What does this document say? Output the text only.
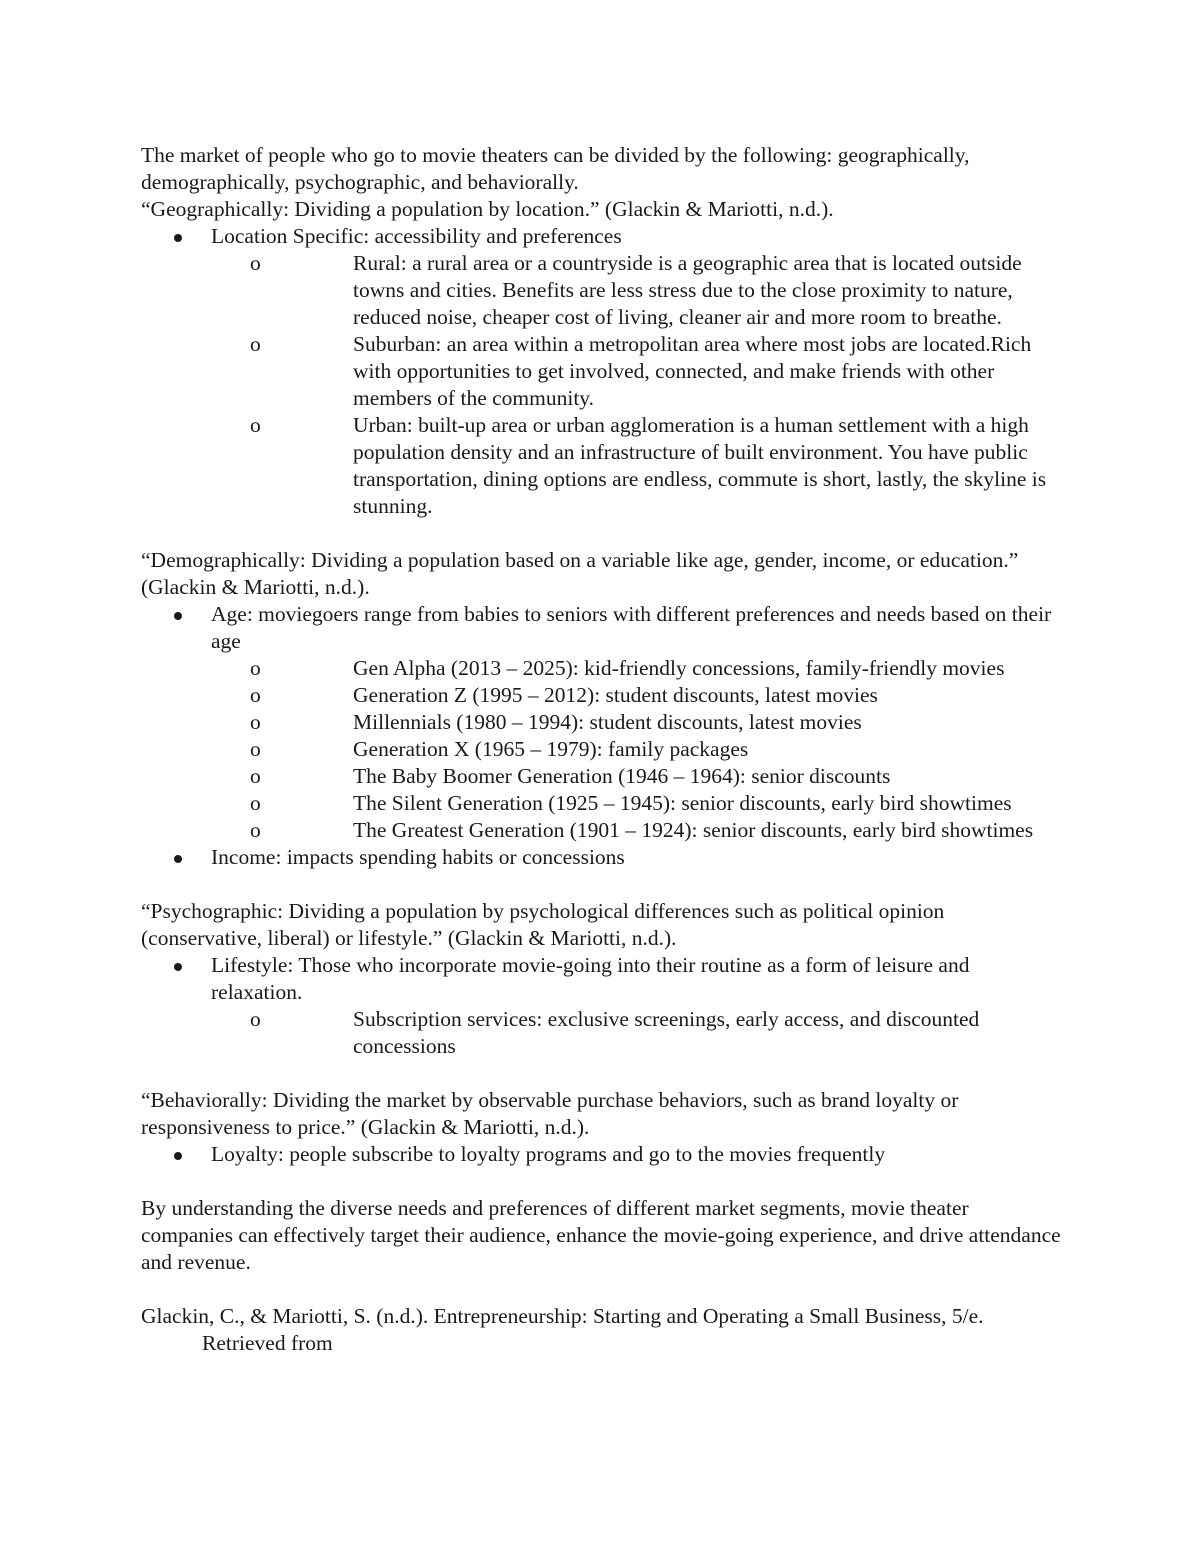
The market of people who go to movie theaters can be divided by the following: geographically, demographically, psychographic, and behaviorally.

“Geographically: Dividing a population by location.” (Glackin & Mariotti, n.d.).

Location Specific: accessibility and preferences
o	Rural: a rural area or a countryside is a geographic area that is located outside towns and cities. Benefits are less stress due to the close proximity to nature, reduced noise, cheaper cost of living, cleaner air and more room to breathe.
o	Suburban: an area within a metropolitan area where most jobs are located.Rich with opportunities to get involved, connected, and make friends with other members of the community.
o	Urban: built-up area or urban agglomeration is a human settlement with a high population density and an infrastructure of built environment. You have public transportation, dining options are endless, commute is short, lastly, the skyline is stunning.

“Demographically: Dividing a population based on a variable like age, gender, income, or education.” (Glackin & Mariotti, n.d.).

Age: moviegoers range from babies to seniors with different preferences and needs based on their age
o	Gen Alpha (2013 – 2025): kid-friendly concessions, family-friendly movies
o	Generation Z (1995 – 2012): student discounts, latest movies
o	Millennials (1980 – 1994): student discounts, latest movies
o	Generation X (1965 – 1979): family packages
o	The Baby Boomer Generation (1946 – 1964): senior discounts
o	The Silent Generation (1925 – 1945): senior discounts, early bird showtimes
o	The Greatest Generation (1901 – 1924): senior discounts, early bird showtimes
Income: impacts spending habits or concessions

“Psychographic: Dividing a population by psychological differences such as political opinion (conservative, liberal) or lifestyle.” (Glackin & Mariotti, n.d.).

Lifestyle: Those who incorporate movie-going into their routine as a form of leisure and relaxation.
o	Subscription services: exclusive screenings, early access, and discounted concessions

“Behaviorally: Dividing the market by observable purchase behaviors, such as brand loyalty or responsiveness to price.” (Glackin & Mariotti, n.d.).

Loyalty: people subscribe to loyalty programs and go to the movies frequently

By understanding the diverse needs and preferences of different market segments, movie theater companies can effectively target their audience, enhance the movie-going experience, and drive attendance and revenue.

Glackin, C., & Mariotti, S. (n.d.). Entrepreneurship: Starting and Operating a Small Business, 5/e. Retrieved from
